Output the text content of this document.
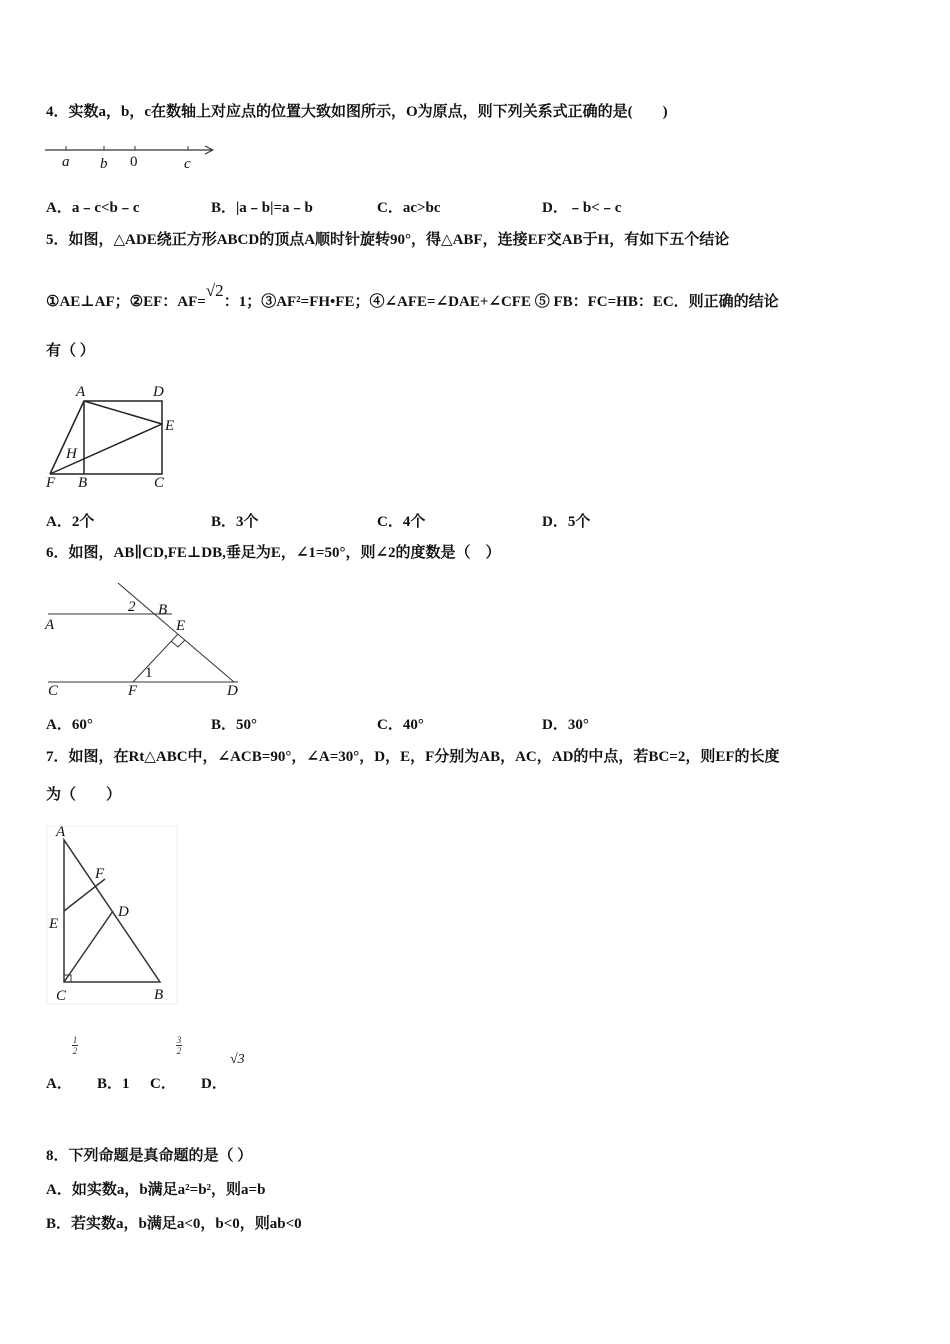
4．实数a，b，c在数轴上对应点的位置大致如图所示，O为原点，则下列关系式正确的是(　　)
a b 0	c
A	D
E
H
F B	C
2 B
A	E
1
C	F	D
A
F
D
E
C	B
A．a﹣c<b﹣c	B．|a﹣b|=a﹣b	C．ac>bc	D．﹣b<﹣c
5．如图，△ADE绕正方形ABCD的顶点A顺时针旋转90°，得△ABF，连接EF交AB于H，有如下五个结论
①AE⊥AF；②EF：AF=√2：1；③AF²=FH•FE；④∠AFE=∠DAE+∠CFE ⑤ FB：FC=HB：EC．则正确的结论
有（ ）
A．2个	B．3个	C．4个	D．5个
6．如图，AB∥CD,FE⊥DB,垂足为E，∠1=50°，则∠2的度数是（　）
A．60°	B．50°	C．40°	D．30°
7．如图，在Rt△ABC中，∠ACB=90°，∠A=30°，D，E，F分别为AB，AC，AD的中点，若BC=2，则EF的长度
为（　　）
$\frac{1}{2}$	$\frac{3}{2}$
√3
A． B．1 C． D．
8．下列命题是真命题的是（ ）
A．如实数a，b满足a²=b²，则a=b
B．若实数a，b满足a<0，b<0，则ab<0
